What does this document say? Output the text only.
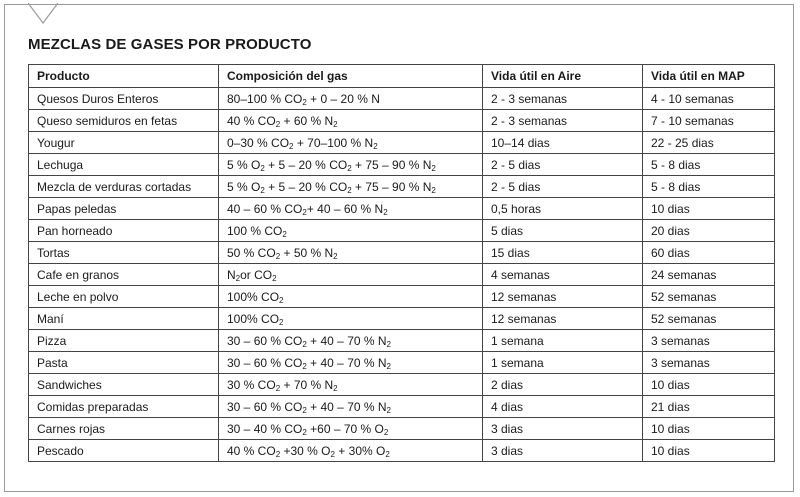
MEZCLAS DE GASES POR PRODUCTO
Producto	Composición del gas	Vida útil en Aire	Vida útil en MAP
Quesos Duros Enteros	80–100 % $CO_2 + 0 - 20$ % N	2 - 3 semanas	4 - 10 semanas
Queso semiduros en fetas	40 % $CO_2 + 60$ % $N_2$	2 - 3 semanas	7 - 10 semanas
Yougur	0–30 % $CO_2 + 70-100$ % $N_2$	10–14 dias	22 - 25 dias
Lechuga	5 % $O_2 + 5 - 20$ % $CO_2 + 75 - 90$ % $N_2$	2 - 5 dias	5 - 8 dias
Mezcla de verduras cortadas	5 % $O_2 + 5 - 20$ % $CO_2 + 75 - 90$ % $N_2$	2 - 5 dias	5 - 8 dias
Papas peledas	40 – 60 % $CO_2+ 40 - 60$ % $N_2$	0,5 horas	10 dias
Pan horneado	100 % $CO_2$	5 dias	20 dias
Tortas	50 % $CO_2 + 50$ % $N_2$	15 dias	60 dias
Cafe en granos	$N_2or$ $CO_2$	4 semanas	24 semanas
Leche en polvo	100% $CO_2$	12 semanas	52 semanas
Maní	100% $CO_2$	12 semanas	52 semanas
Pizza	30 – 60 % $CO_2 + 40 - 70$ % $N_2$	1 semana	3 semanas
Pasta	30 – 60 % $CO_2 + 40 - 70$ % $N_2$	1 semana	3 semanas
Sandwiches	30 % $CO_2 + 70$ % $N_2$	2 dias	10 dias
Comidas preparadas	30 – 60 % $CO_2 + 40 - 70$ % $N_2$	4 dias	21 dias
Carnes rojas	30 – 40 % $CO_2 +60 - 70$ % $O_2$	3 dias	10 dias
Pescado	40 % $CO_2 +30$ % $O_2 + 30\%$ $O_2$	3 dias	10 dias
